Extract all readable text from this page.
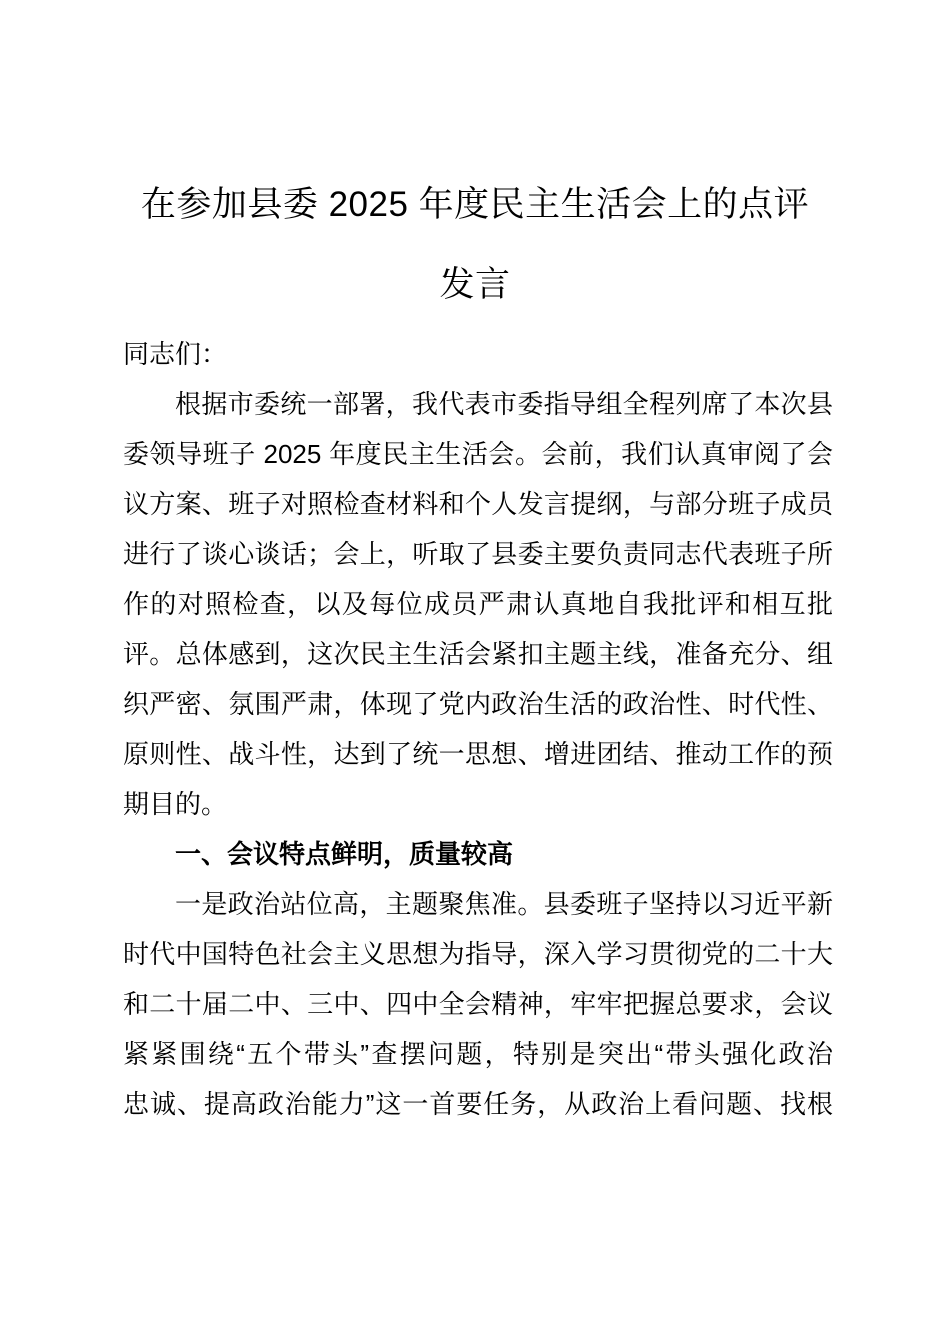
在参加县委 2025 年度民主生活会上的点评
发言
同志们：
根据市委统一部署，我代表市委指导组全程列席了本次县
委领导班子 2025 年度民主生活会。会前，我们认真审阅了会
议方案、班子对照检查材料和个人发言提纲，与部分班子成员
进行了谈心谈话；会上，听取了县委主要负责同志代表班子所
作的对照检查，以及每位成员严肃认真地自我批评和相互批
评。总体感到，这次民主生活会紧扣主题主线，准备充分、组
织严密、氛围严肃，体现了党内政治生活的政治性、时代性、
原则性、战斗性，达到了统一思想、增进团结、推动工作的预
期目的。
一、会议特点鲜明，质量较高
一是政治站位高，主题聚焦准。县委班子坚持以习近平新
时代中国特色社会主义思想为指导，深入学习贯彻党的二十大
和二十届二中、三中、四中全会精神，牢牢把握总要求，会议
紧紧围绕“五个带头”查摆问题，特别是突出“带头强化政治
忠诚、提高政治能力”这一首要任务，从政治上看问题、找根
